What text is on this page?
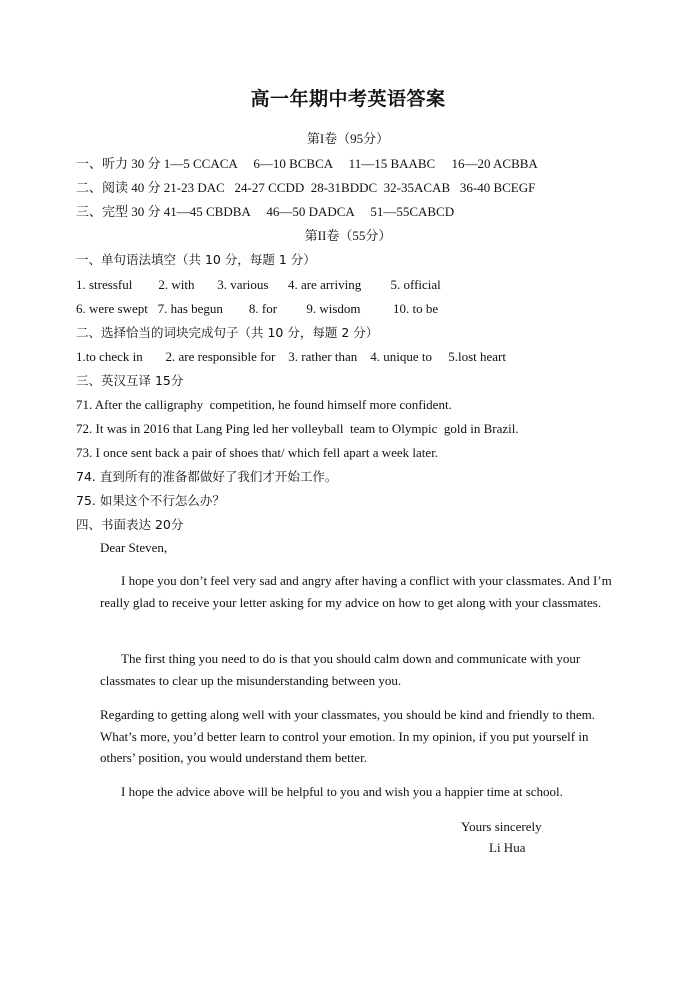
高一年期中考英语答案
第I卷（95分）
一、听力 30 分 1—5 CCACA     6—10 BCBCA     11—15 BAABC     16—20 ACBBA
二、阅读 40 分 21-23 DAC   24-27 CCDD  28-31BDDC  32-35ACAB   36-40 BCEGF
三、完型 30 分 41—45 CBDBA     46—50 DADCA     51—55CABCD
第II卷（55分）
一、单句语法填空（共 10 分，每题 1 分）
1. stressful        2. with       3. various      4. are arriving         5. official
6. were swept   7. has begun        8. for         9. wisdom          10. to be
二、选择恰当的词块完成句子（共 10 分，每题 2 分）
1.to check in       2. are responsible for    3. rather than    4. unique to     5.lost heart
三、英汉互译 15分
71. After the calligraphy  competition, he found himself more confident.
72. It was in 2016 that Lang Ping led her volleyball  team to Olympic  gold in Brazil.
73. I once sent back a pair of shoes that/ which fell apart a week later.
74. 直到所有的准备都做好了我们才开始工作。
75. 如果这个不行怎么办？
四、书面表达 20分
Dear Steven,
I hope you don’t feel very sad and angry after having a conflict with your classmates. And I’m really glad to receive your letter asking for my advice on how to get along with your classmates.
The first thing you need to do is that you should calm down and communicate with your classmates to clear up the misunderstanding between you.
Regarding to getting along well with your classmates, you should be kind and friendly to them. What’s more, you’d better learn to control your emotion. In my opinion, if you put yourself in others’ position, you would understand them better.
I hope the advice above will be helpful to you and wish you a happier time at school.
Yours sincerely
Li Hua
